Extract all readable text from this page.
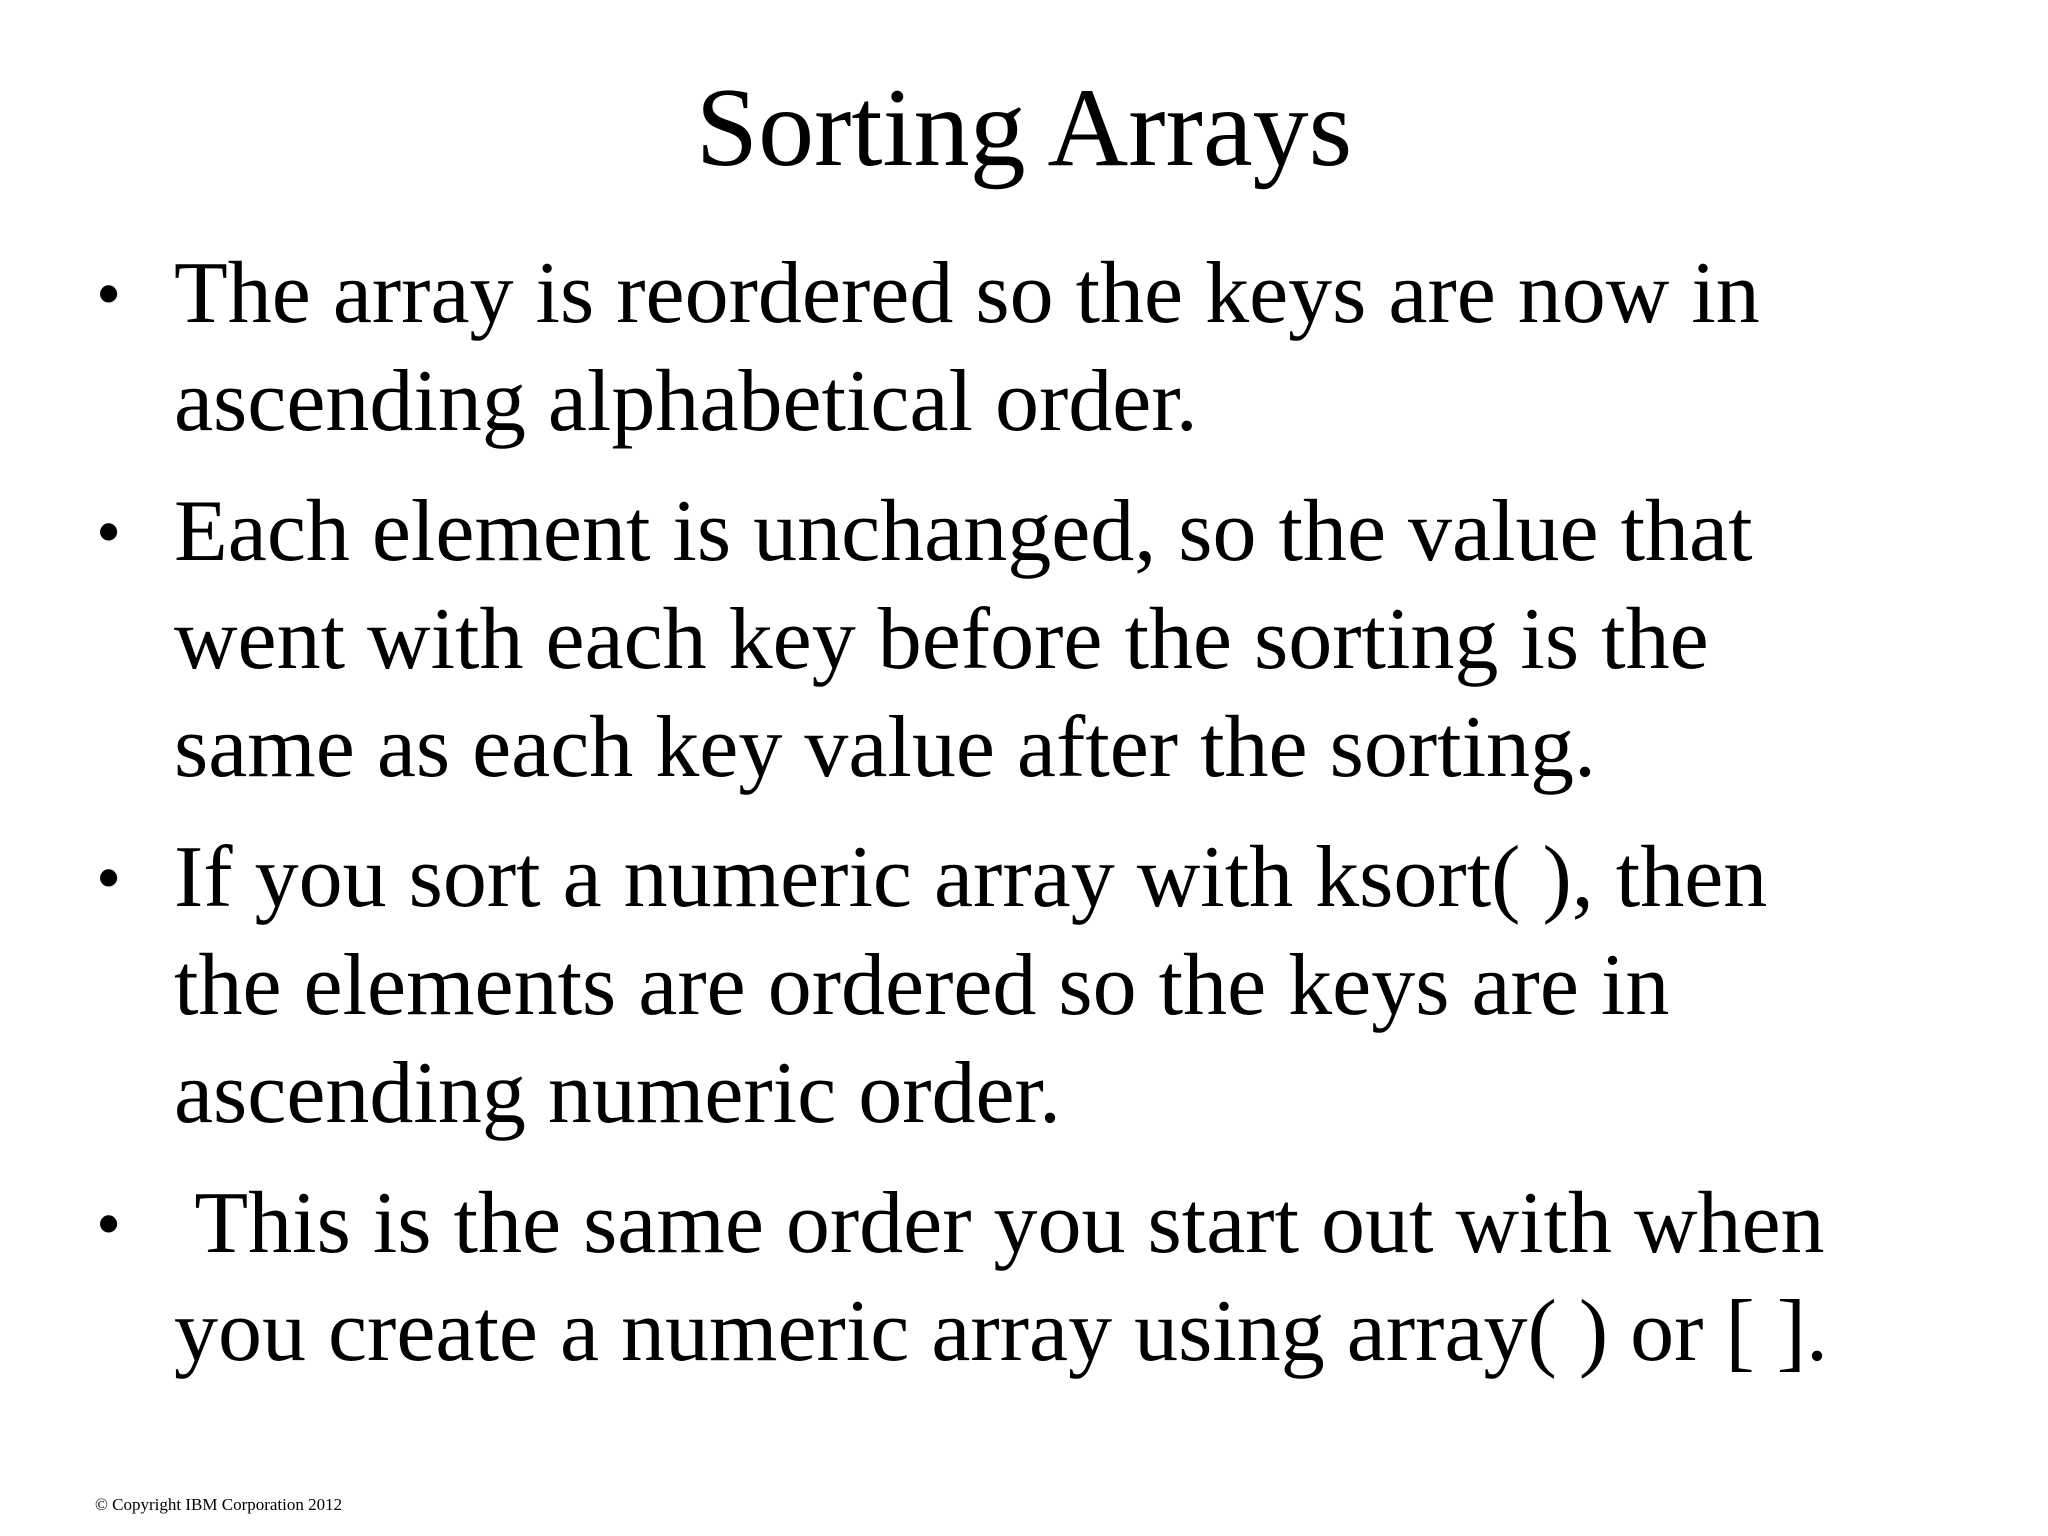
Sorting Arrays
• The array is reordered so the keys are now in
ascending alphabetical order.
• Each element is unchanged, so the value that
went with each key before the sorting is the
same as each key value after the sorting.
• If you sort a numeric array with ksort( ), then
the elements are ordered so the keys are in
ascending numeric order.
• This is the same order you start out with when
you create a numeric array using array( ) or [ ].
© Copyright IBM Corporation 2012
